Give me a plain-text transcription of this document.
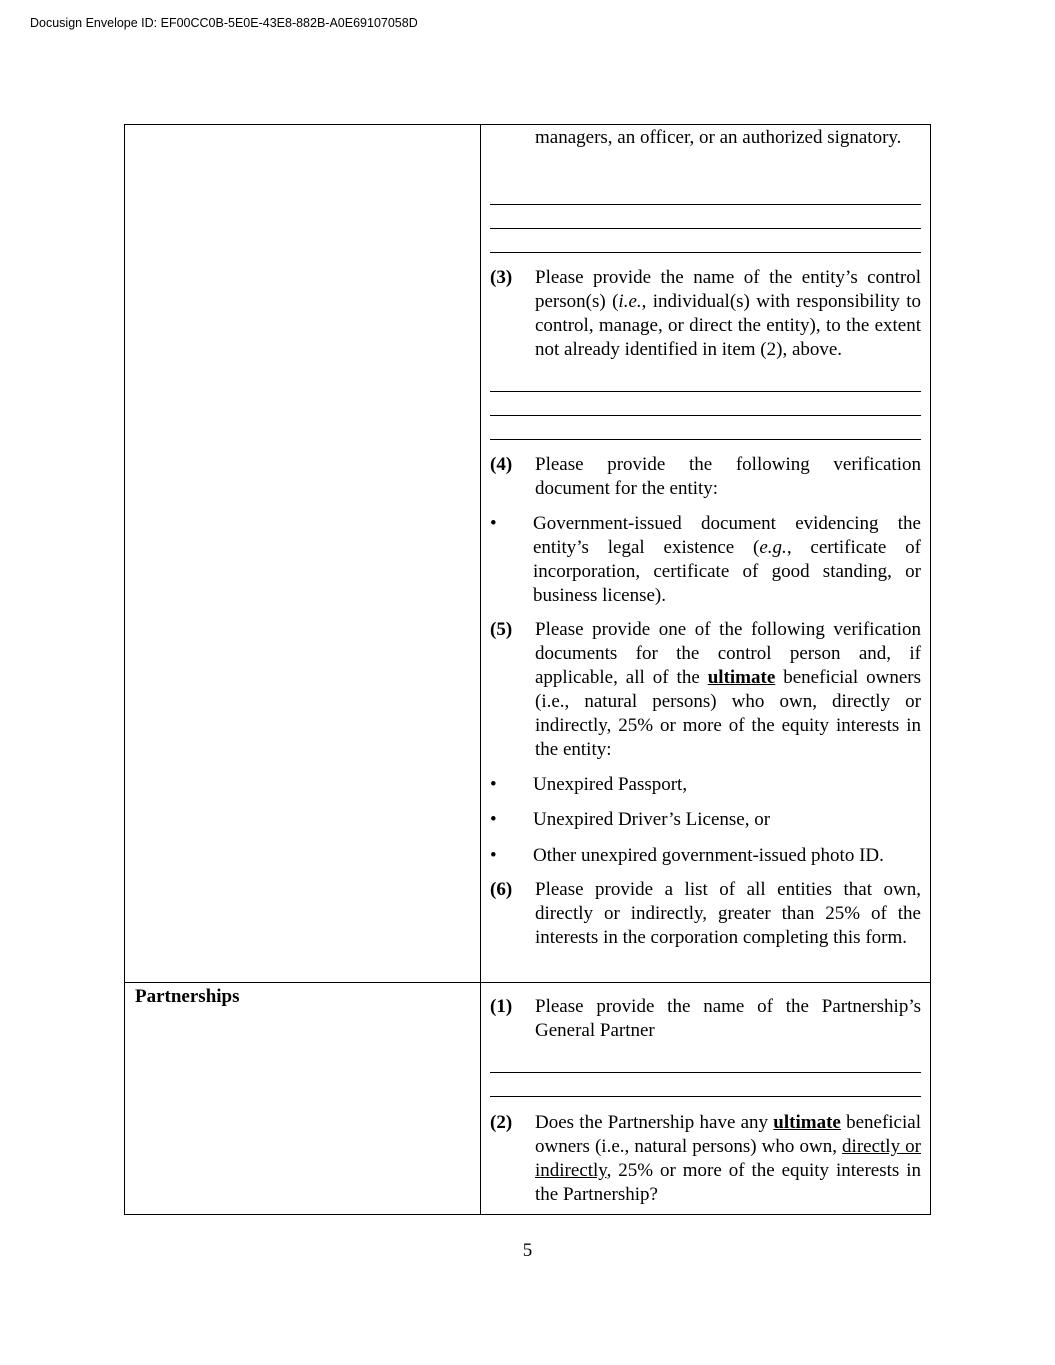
Docusign Envelope ID: EF00CC0B-5E0E-43E8-882B-A0E69107058D

managers, an officer, or an authorized signatory.

(3) Please provide the name of the entity’s control person(s) (i.e., individual(s) with responsibility to control, manage, or direct the entity), to the extent not already identified in item (2), above.

(4) Please provide the following verification document for the entity:

• Government-issued document evidencing the entity’s legal existence (e.g., certificate of incorporation, certificate of good standing, or business license).

(5) Please provide one of the following verification documents for the control person and, if applicable, all of the ultimate beneficial owners (i.e., natural persons) who own, directly or indirectly, 25% or more of the equity interests in the entity:

• Unexpired Passport,

• Unexpired Driver’s License, or

• Other unexpired government-issued photo ID.

(6) Please provide a list of all entities that own, directly or indirectly, greater than 25% of the interests in the corporation completing this form.

Partnerships	(1) Please provide the name of the Partnership’s General Partner

(2) Does the Partnership have any ultimate beneficial owners (i.e., natural persons) who own, directly or indirectly, 25% or more of the equity interests in the Partnership?

5
